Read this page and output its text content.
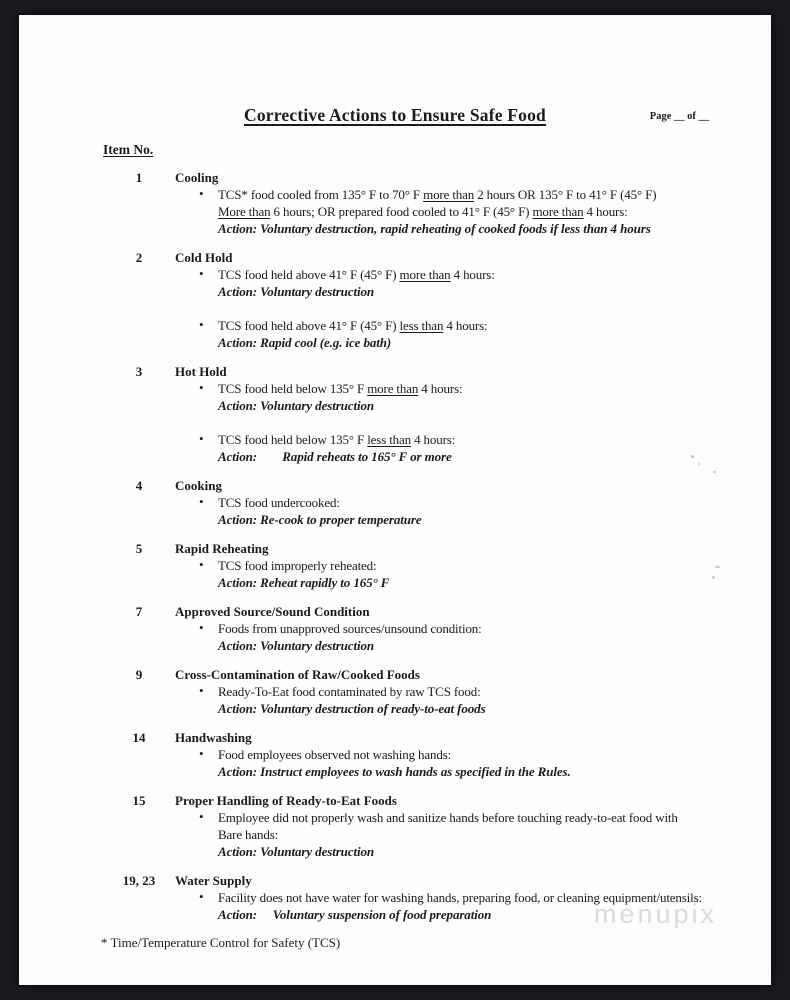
Corrective Actions to Ensure Safe Food	Page __ of __
Item No.
1	Cooling
• TCS* food cooled from 135° F to 70° F more than 2 hours OR 135° F to 41° F (45° F)
More than 6 hours; OR prepared food cooled to 41° F (45° F) more than 4 hours:
Action: Voluntary destruction, rapid reheating of cooked foods if less than 4 hours
2	Cold Hold
• TCS food held above 41° F (45° F) more than 4 hours:
Action: Voluntary destruction
• TCS food held above 41° F (45° F) less than 4 hours:
Action: Rapid cool (e.g. ice bath)
3	Hot Hold
• TCS food held below 135° F more than 4 hours:
Action: Voluntary destruction
• TCS food held below 135° F less than 4 hours:
Action:        Rapid reheats to 165° F or more
4	Cooking
• TCS food undercooked:
Action: Re-cook to proper temperature
5	Rapid Reheating
• TCS food improperly reheated:
Action: Reheat rapidly to 165° F
7	Approved Source/Sound Condition
• Foods from unapproved sources/unsound condition:
Action: Voluntary destruction
9	Cross-Contamination of Raw/Cooked Foods
• Ready-To-Eat food contaminated by raw TCS food:
Action: Voluntary destruction of ready-to-eat foods
14	Handwashing
• Food employees observed not washing hands:
Action: Instruct employees to wash hands as specified in the Rules.
15	Proper Handling of Ready-to-Eat Foods
• Employee did not properly wash and sanitize hands before touching ready-to-eat food with
Bare hands:
Action: Voluntary destruction
19, 23	Water Supply
• Facility does not have water for washing hands, preparing food, or cleaning equipment/utensils:
Action:     Voluntary suspension of food preparation
* Time/Temperature Control for Safety (TCS)
menupix
